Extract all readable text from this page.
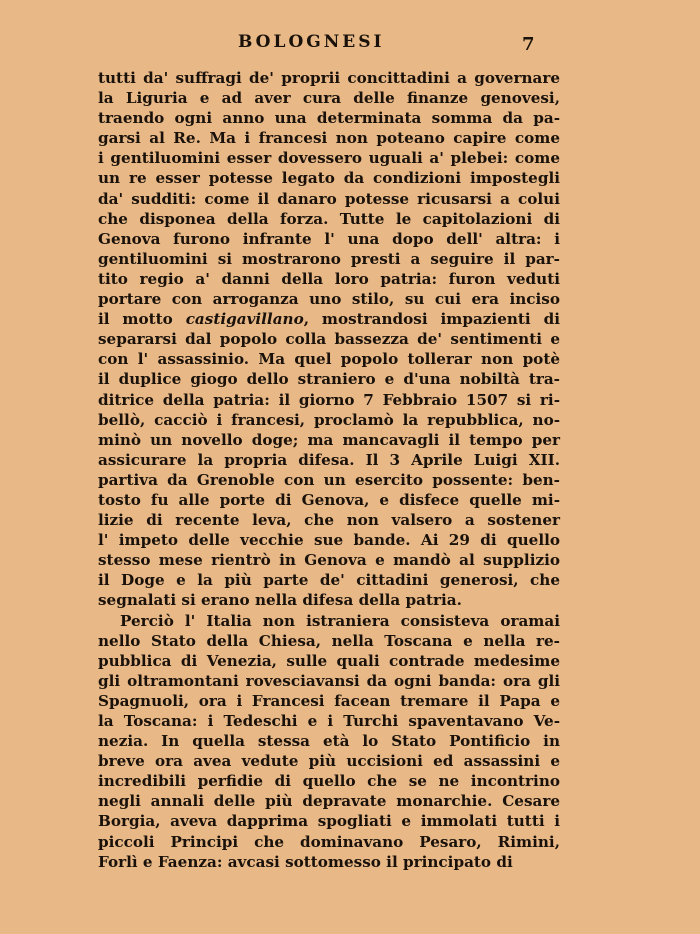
BOLOGNESI	7
tutti da' suffragi de' proprii concittadini a governare
la Liguria e ad aver cura delle finanze genovesi,
traendo ogni anno una determinata somma da pa-
garsi al Re. Ma i francesi non poteano capire come
i gentiluomini esser dovessero uguali a' plebei: come
un re esser potesse legato da condizioni impostegli
da' sudditi: come il danaro potesse ricusarsi a colui
che disponea della forza. Tutte le capitolazioni di
Genova furono infrante l' una dopo dell' altra: i
gentiluomini si mostrarono presti a seguire il par-
tito regio a' danni della loro patria: furon veduti
portare con arroganza uno stilo, su cui era inciso
il motto castigavillano, mostrandosi impazienti di
separarsi dal popolo colla bassezza de' sentimenti e
con l' assassinio. Ma quel popolo tollerar non potè
il duplice giogo dello straniero e d'una nobiltà tra-
ditrice della patria: il giorno 7 Febbraio 1507 si ri-
bellò, cacciò i francesi, proclamò la repubblica, no-
minò un novello doge; ma mancavagli il tempo per
assicurare la propria difesa. Il 3 Aprile Luigi XII.
partiva da Grenoble con un esercito possente: ben-
tosto fu alle porte di Genova, e disfece quelle mi-
lizie di recente leva, che non valsero a sostener
l' impeto delle vecchie sue bande. Ai 29 di quello
stesso mese rientrò in Genova e mandò al supplizio
il Doge e la più parte de' cittadini generosi, che
segnalati si erano nella difesa della patria.
Perciò l' Italia non istraniera consisteva oramai
nello Stato della Chiesa, nella Toscana e nella re-
pubblica di Venezia, sulle quali contrade medesime
gli oltramontani rovesciavansi da ogni banda: ora gli
Spagnuoli, ora i Francesi facean tremare il Papa e
la Toscana: i Tedeschi e i Turchi spaventavano Ve-
nezia. In quella stessa età lo Stato Pontificio in
breve ora avea vedute più uccisioni ed assassini e
incredibili perfidie di quello che se ne incontrino
negli annali delle più depravate monarchie. Cesare
Borgia, aveva dapprima spogliati e immolati tutti i
piccoli Principi che dominavano Pesaro, Rimini,
Forlì e Faenza: avcasi sottomesso il principato di
